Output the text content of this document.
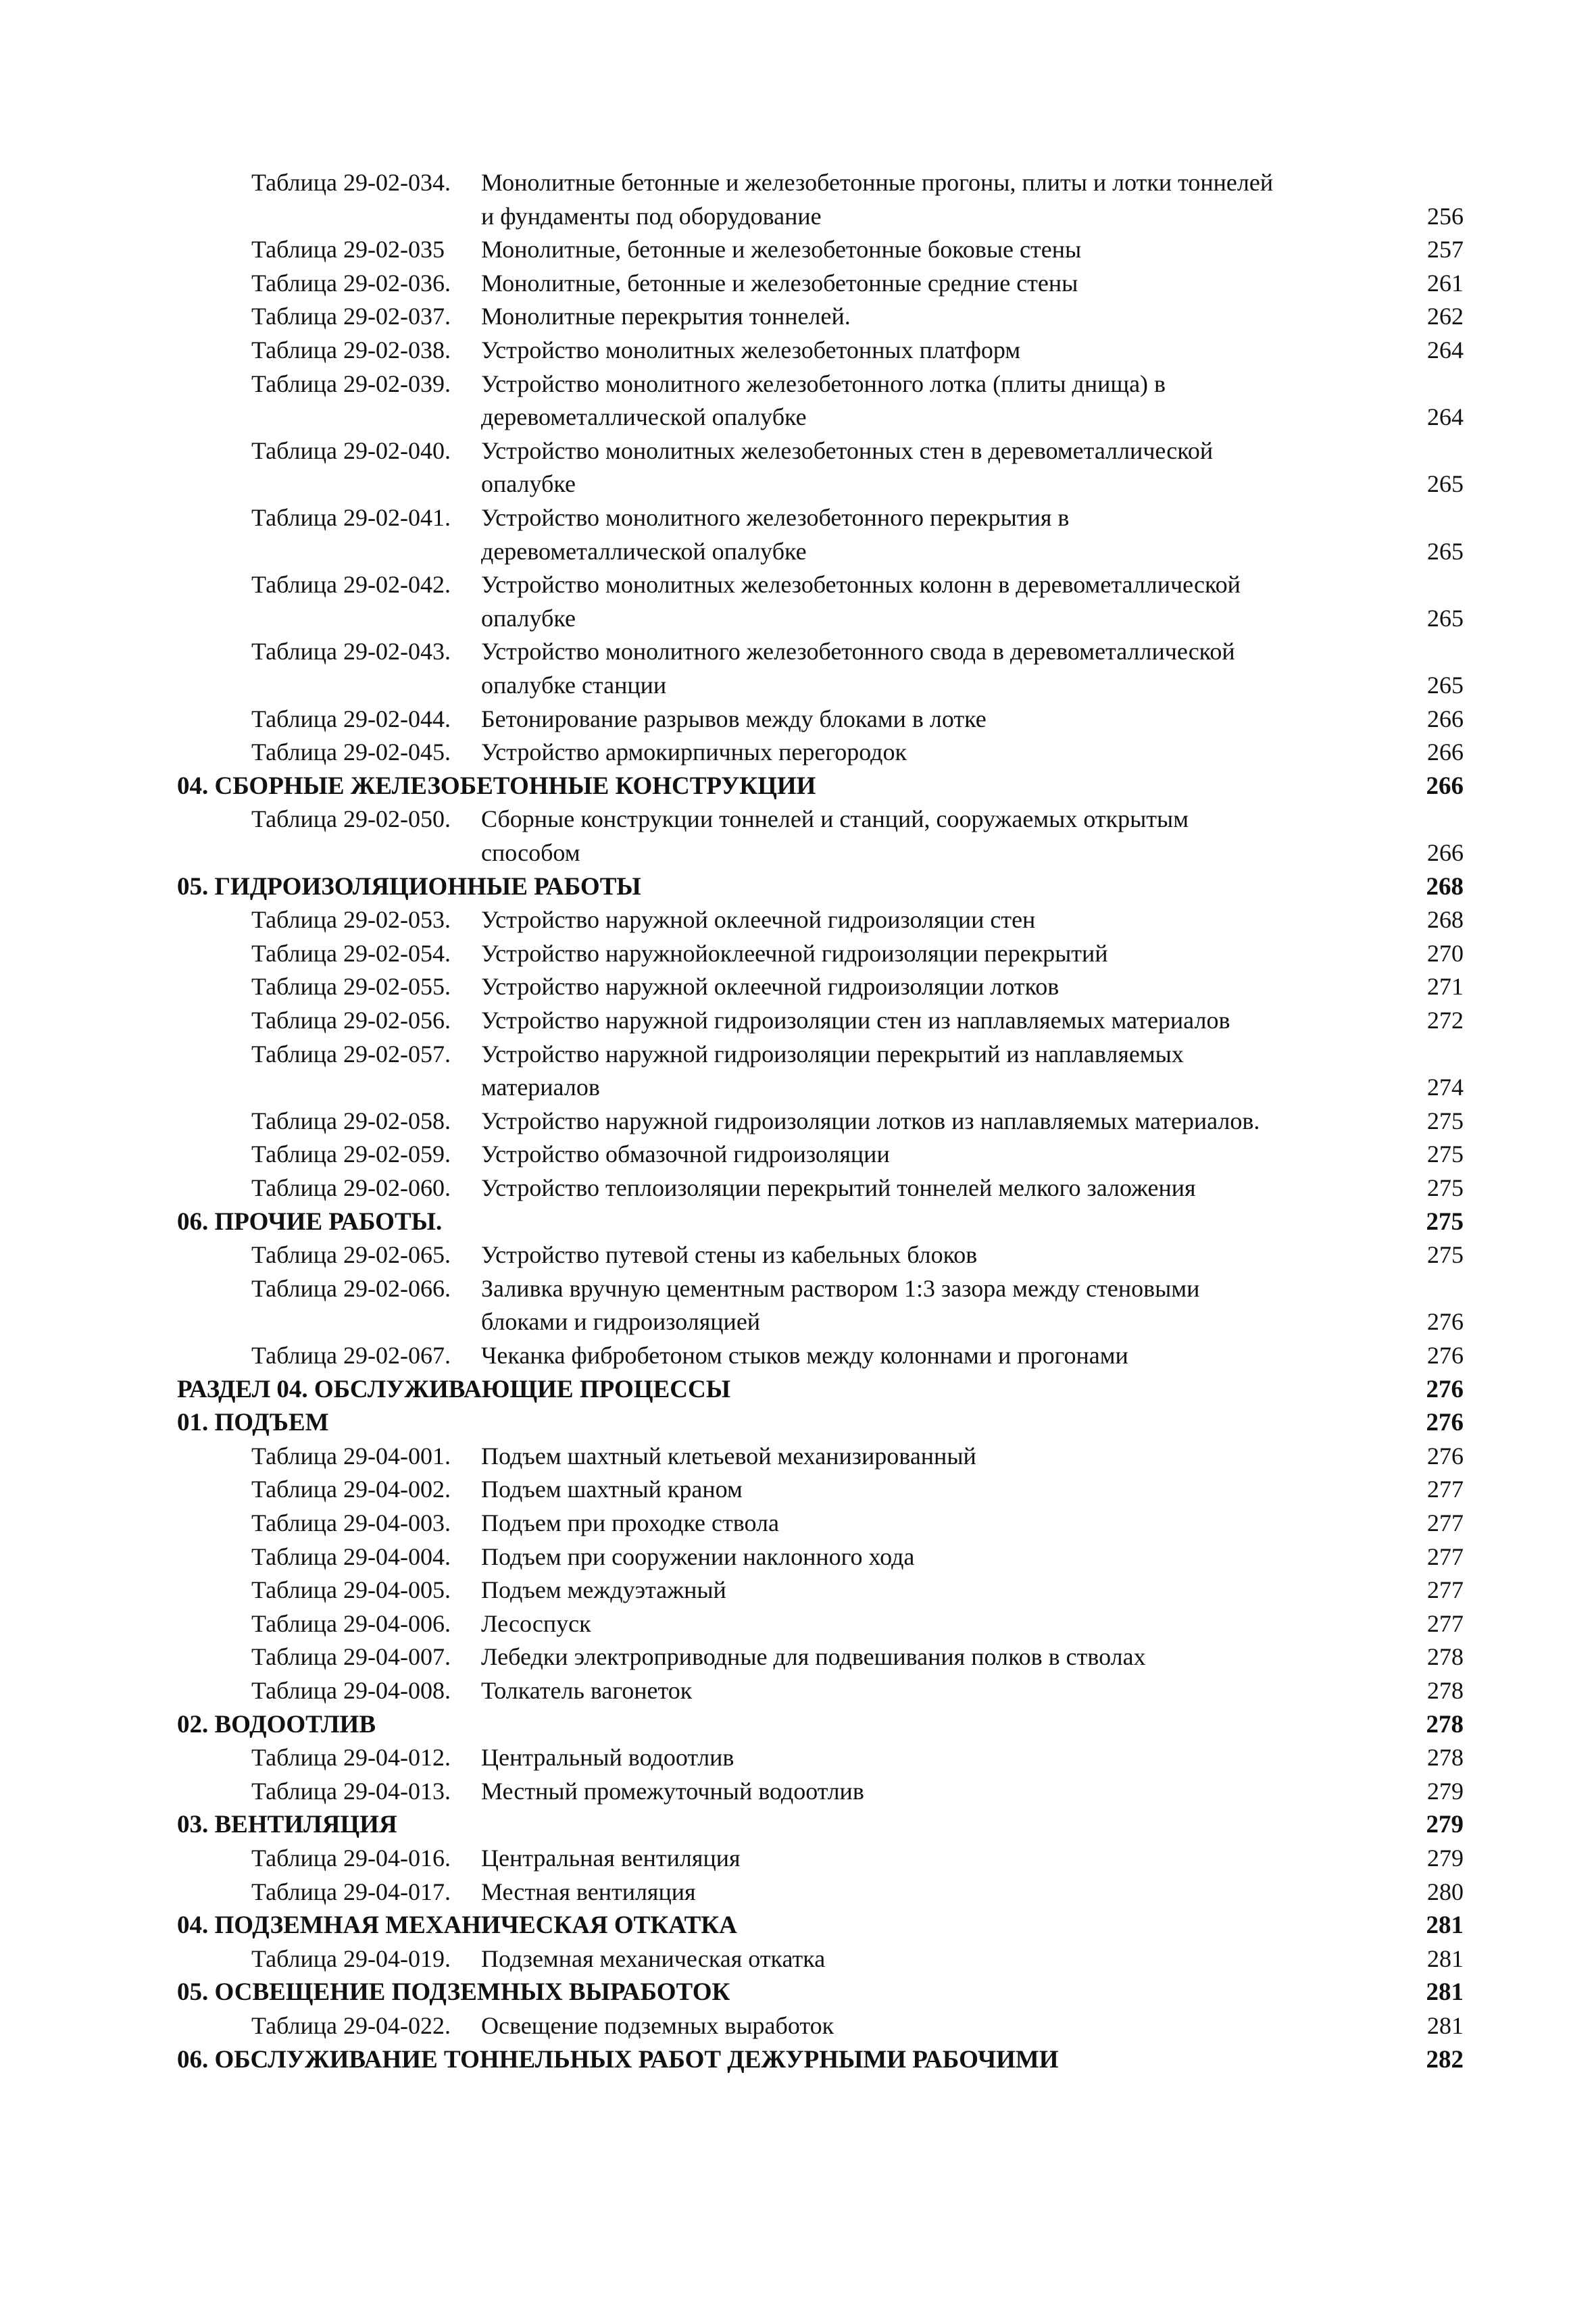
Таблица 29-02-034. Монолитные бетонные и железобетонные прогоны, плиты и лотки тоннелей
и фундаменты под оборудование	256
Таблица 29-02-035 Монолитные, бетонные и железобетонные боковые стены	257
Таблица 29-02-036. Монолитные, бетонные и железобетонные средние стены	261
Таблица 29-02-037. Монолитные перекрытия тоннелей.	262
Таблица 29-02-038. Устройство монолитных железобетонных платформ	264
Таблица 29-02-039. Устройство монолитного железобетонного лотка (плиты днища) в
деревометаллической опалубке	264
Таблица 29-02-040. Устройство монолитных железобетонных стен в деревометаллической
опалубке	265
Таблица 29-02-041. Устройство монолитного железобетонного перекрытия в
деревометаллической опалубке	265
Таблица 29-02-042. Устройство монолитных железобетонных колонн в деревометаллической
опалубке	265
Таблица 29-02-043. Устройство монолитного железобетонного свода в деревометаллической
опалубке станции	265
Таблица 29-02-044. Бетонирование разрывов между блоками в лотке	266
Таблица 29-02-045. Устройство армокирпичных перегородок	266
04. СБОРНЫЕ ЖЕЛЕЗОБЕТОННЫЕ КОНСТРУКЦИИ	266
Таблица 29-02-050. Сборные конструкции тоннелей и станций, сооружаемых открытым
способом	266
05. ГИДРОИЗОЛЯЦИОННЫЕ РАБОТЫ	268
Таблица 29-02-053. Устройство наружной оклеечной гидроизоляции стен	268
Таблица 29-02-054. Устройство наружнойоклеечной гидроизоляции перекрытий	270
Таблица 29-02-055. Устройство наружной оклеечной гидроизоляции лотков	271
Таблица 29-02-056. Устройство наружной гидроизоляции стен из наплавляемых материалов	272
Таблица 29-02-057. Устройство наружной гидроизоляции перекрытий из наплавляемых
материалов	274
Таблица 29-02-058. Устройство наружной гидроизоляции лотков из наплавляемых материалов.	275
Таблица 29-02-059. Устройство обмазочной гидроизоляции	275
Таблица 29-02-060. Устройство теплоизоляции перекрытий тоннелей мелкого заложения	275
06. ПРОЧИЕ РАБОТЫ.	275
Таблица 29-02-065. Устройство путевой стены из кабельных блоков	275
Таблица 29-02-066. Заливка вручную цементным раствором 1:3 зазора между стеновыми
блоками и гидроизоляцией	276
Таблица 29-02-067. Чеканка фибробетоном стыков между колоннами и прогонами	276
РАЗДЕЛ 04. ОБСЛУЖИВАЮЩИЕ ПРОЦЕССЫ	276
01. ПОДЪЕМ	276
Таблица 29-04-001. Подъем шахтный клетьевой механизированный	276
Таблица 29-04-002. Подъем шахтный краном	277
Таблица 29-04-003. Подъем при проходке ствола	277
Таблица 29-04-004. Подъем при сооружении наклонного хода	277
Таблица 29-04-005. Подъем междуэтажный	277
Таблица 29-04-006. Лесоспуск	277
Таблица 29-04-007. Лебедки электроприводные для подвешивания полков в стволах	278
Таблица 29-04-008. Толкатель вагонеток	278
02. ВОДООТЛИВ	278
Таблица 29-04-012. Центральный водоотлив	278
Таблица 29-04-013. Местный промежуточный водоотлив	279
03. ВЕНТИЛЯЦИЯ	279
Таблица 29-04-016. Центральная вентиляция	279
Таблица 29-04-017. Местная вентиляция	280
04. ПОДЗЕМНАЯ МЕХАНИЧЕСКАЯ ОТКАТКА	281
Таблица 29-04-019. Подземная механическая откатка	281
05. ОСВЕЩЕНИЕ ПОДЗЕМНЫХ ВЫРАБОТОК	281
Таблица 29-04-022. Освещение подземных выработок	281
06. ОБСЛУЖИВАНИЕ ТОННЕЛЬНЫХ РАБОТ ДЕЖУРНЫМИ РАБОЧИМИ	282
